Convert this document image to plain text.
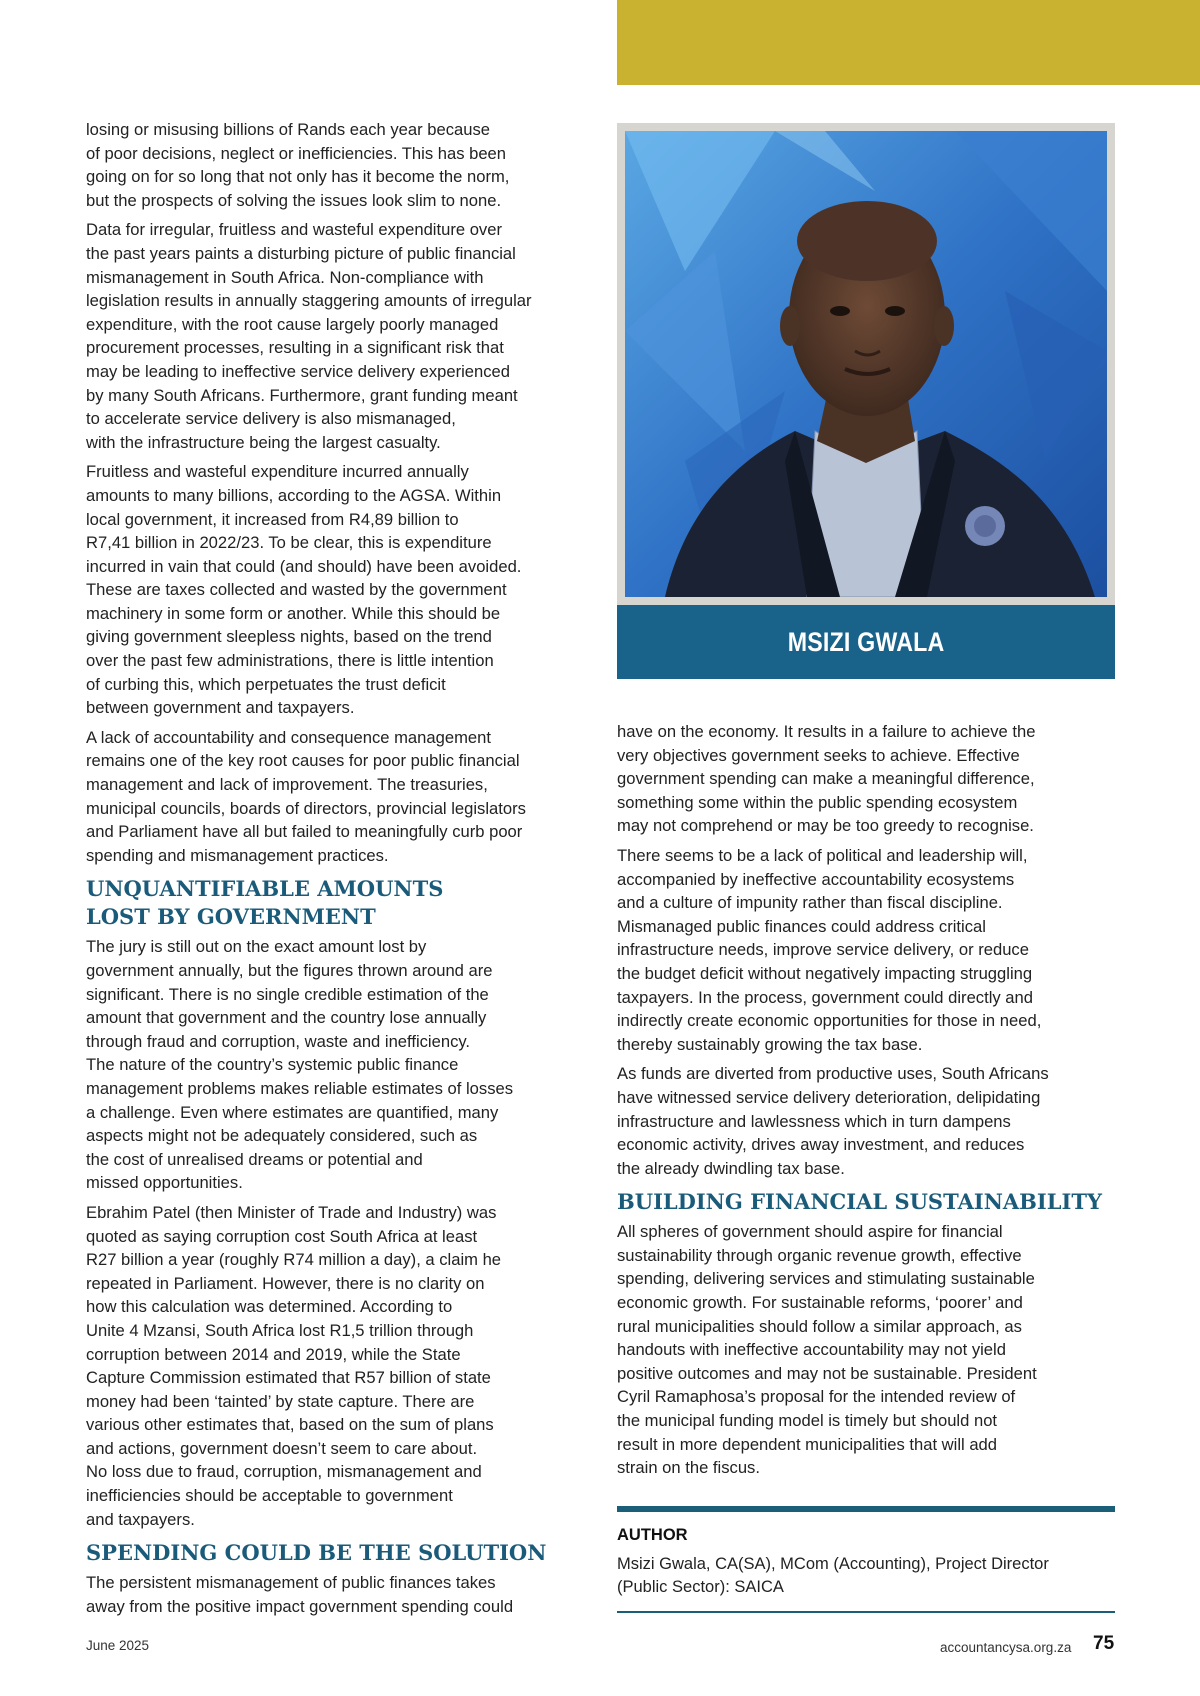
losing or misusing billions of Rands each year because
of poor decisions, neglect or inefficiencies. This has been
going on for so long that not only has it become the norm,
but the prospects of solving the issues look slim to none.

Data for irregular, fruitless and wasteful expenditure over
the past years paints a disturbing picture of public financial
mismanagement in South Africa. Non-compliance with
legislation results in annually staggering amounts of irregular
expenditure, with the root cause largely poorly managed
procurement processes, resulting in a significant risk that
may be leading to ineffective service delivery experienced
by many South Africans. Furthermore, grant funding meant
to accelerate service delivery is also mismanaged,
with the infrastructure being the largest casualty.

Fruitless and wasteful expenditure incurred annually
amounts to many billions, according to the AGSA. Within
local government, it increased from R4,89 billion to
R7,41 billion in 2022/23. To be clear, this is expenditure
incurred in vain that could (and should) have been avoided.
These are taxes collected and wasted by the government
machinery in some form or another. While this should be
giving government sleepless nights, based on the trend
over the past few administrations, there is little intention
of curbing this, which perpetuates the trust deficit
between government and taxpayers.

A lack of accountability and consequence management
remains one of the key root causes for poor public financial
management and lack of improvement. The treasuries,
municipal councils, boards of directors, provincial legislators
and Parliament have all but failed to meaningfully curb poor
spending and mismanagement practices.

UNQUANTIFIABLE AMOUNTS
LOST BY GOVERNMENT

The jury is still out on the exact amount lost by
government annually, but the figures thrown around are
significant. There is no single credible estimation of the
amount that government and the country lose annually
through fraud and corruption, waste and inefficiency.
The nature of the country’s systemic public finance
management problems makes reliable estimates of losses
a challenge. Even where estimates are quantified, many
aspects might not be adequately considered, such as
the cost of unrealised dreams or potential and
missed opportunities.

Ebrahim Patel (then Minister of Trade and Industry) was
quoted as saying corruption cost South Africa at least
R27 billion a year (roughly R74 million a day), a claim he
repeated in Parliament. However, there is no clarity on
how this calculation was determined. According to
Unite 4 Mzansi, South Africa lost R1,5 trillion through
corruption between 2014 and 2019, while the State
Capture Commission estimated that R57 billion of state
money had been ‘tainted’ by state capture. There are
various other estimates that, based on the sum of plans
and actions, government doesn’t seem to care about.
No loss due to fraud, corruption, mismanagement and
inefficiencies should be acceptable to government
and taxpayers.

SPENDING COULD BE THE SOLUTION

The persistent mismanagement of public finances takes
away from the positive impact government spending could

MSIZI GWALA

have on the economy. It results in a failure to achieve the
very objectives government seeks to achieve. Effective
government spending can make a meaningful difference,
something some within the public spending ecosystem
may not comprehend or may be too greedy to recognise.

There seems to be a lack of political and leadership will,
accompanied by ineffective accountability ecosystems
and a culture of impunity rather than fiscal discipline.
Mismanaged public finances could address critical
infrastructure needs, improve service delivery, or reduce
the budget deficit without negatively impacting struggling
taxpayers. In the process, government could directly and
indirectly create economic opportunities for those in need,
thereby sustainably growing the tax base.

As funds are diverted from productive uses, South Africans
have witnessed service delivery deterioration, delipidating
infrastructure and lawlessness which in turn dampens
economic activity, drives away investment, and reduces
the already dwindling tax base.

BUILDING FINANCIAL SUSTAINABILITY

All spheres of government should aspire for financial
sustainability through organic revenue growth, effective
spending, delivering services and stimulating sustainable
economic growth. For sustainable reforms, ‘poorer’ and
rural municipalities should follow a similar approach, as
handouts with ineffective accountability may not yield
positive outcomes and may not be sustainable. President
Cyril Ramaphosa’s proposal for the intended review of
the municipal funding model is timely but should not
result in more dependent municipalities that will add
strain on the fiscus.

AUTHOR

Msizi Gwala, CA(SA), MCom (Accounting), Project Director
(Public Sector): SAICA

June 2025	accountancysa.org.za 75
